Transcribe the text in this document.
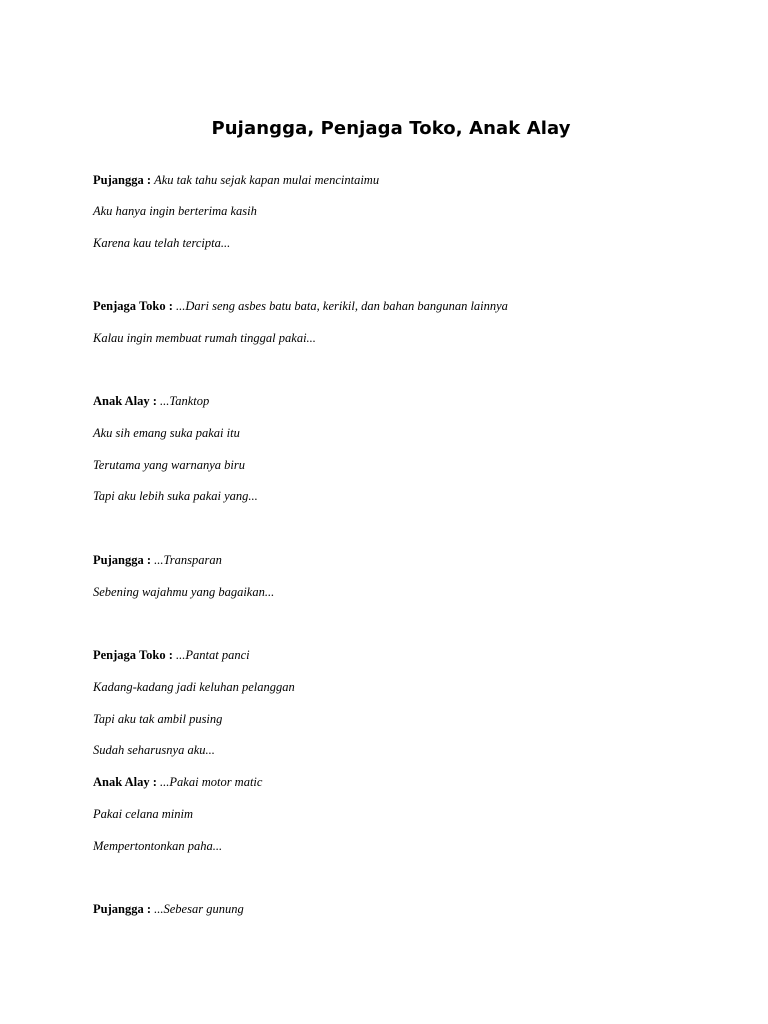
Pujangga, Penjaga Toko, Anak Alay
Pujangga : Aku tak tahu sejak kapan mulai mencintaimu
Aku hanya ingin berterima kasih
Karena kau telah tercipta...
Penjaga Toko : ...Dari seng asbes batu bata, kerikil, dan bahan bangunan lainnya
Kalau ingin membuat rumah tinggal pakai...
Anak Alay : ...Tanktop
Aku sih emang suka pakai itu
Terutama yang warnanya biru
Tapi aku lebih suka pakai yang...
Pujangga : ...Transparan
Sebening wajahmu yang bagaikan...
Penjaga Toko : ...Pantat panci
Kadang-kadang jadi keluhan pelanggan
Tapi aku tak ambil pusing
Sudah seharusnya aku...
Anak Alay : ...Pakai motor matic
Pakai celana minim
Mempertontonkan paha...
Pujangga : ...Sebesar gunung
